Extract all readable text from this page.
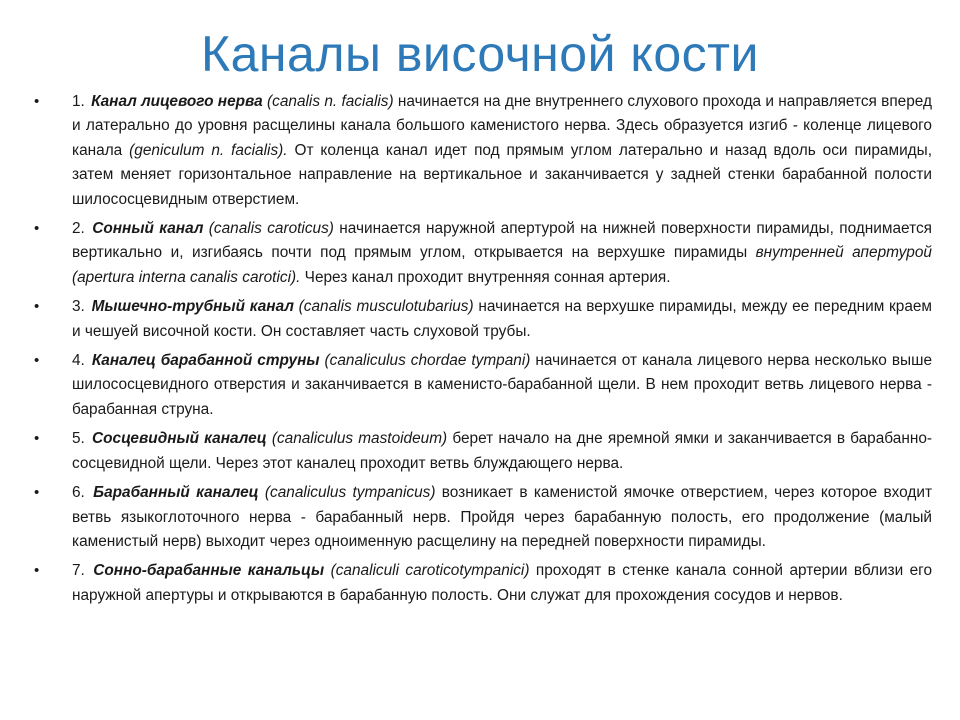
Каналы височной кости
• 1. Канал лицевого нерва (canalis n. facialis) начинается на дне внутреннего слухового прохода и направляется вперед и латерально до уровня расщелины канала большого каменистого нерва. Здесь образуется изгиб - коленце лицевого канала (geniculum n. facialis). От коленца канал идет под прямым углом латерально и назад вдоль оси пирамиды, затем меняет горизонтальное направление на вертикальное и заканчивается у задней стенки барабанной полости шилососцевидным отверстием.
• 2. Сонный канал (canalis caroticus) начинается наружной апертурой на нижней поверхности пирамиды, поднимается вертикально и, изгибаясь почти под прямым углом, открывается на верхушке пирамиды внутренней апертурой (apertura interna canalis carotici). Через канал проходит внутренняя сонная артерия.
• 3. Мышечно-трубный канал (canalis musculotubarius) начинается на верхушке пирамиды, между ее передним краем и чешуей височной кости. Он составляет часть слуховой трубы.
• 4. Каналец барабанной струны (canaliculus chordae tympani) начинается от канала лицевого нерва несколько выше шилососцевидного отверстия и заканчивается в каменисто-барабанной щели. В нем проходит ветвь лицевого нерва - барабанная струна.
• 5. Сосцевидный каналец (canaliculus mastoideum) берет начало на дне яремной ямки и заканчивается в барабанно-сосцевидной щели. Через этот каналец проходит ветвь блуждающего нерва.
• 6. Барабанный каналец (canaliculus tympanicus) возникает в каменистой ямочке отверстием, через которое входит ветвь языкоглоточного нерва - барабанный нерв. Пройдя через барабанную полость, его продолжение (малый каменистый нерв) выходит через одноименную расщелину на передней поверхности пирамиды.
• 7. Сонно-барабанные канальцы (canaliculi caroticotympanici) проходят в стенке канала сонной артерии вблизи его наружной апертуры и открываются в барабанную полость. Они служат для прохождения сосудов и нервов.
